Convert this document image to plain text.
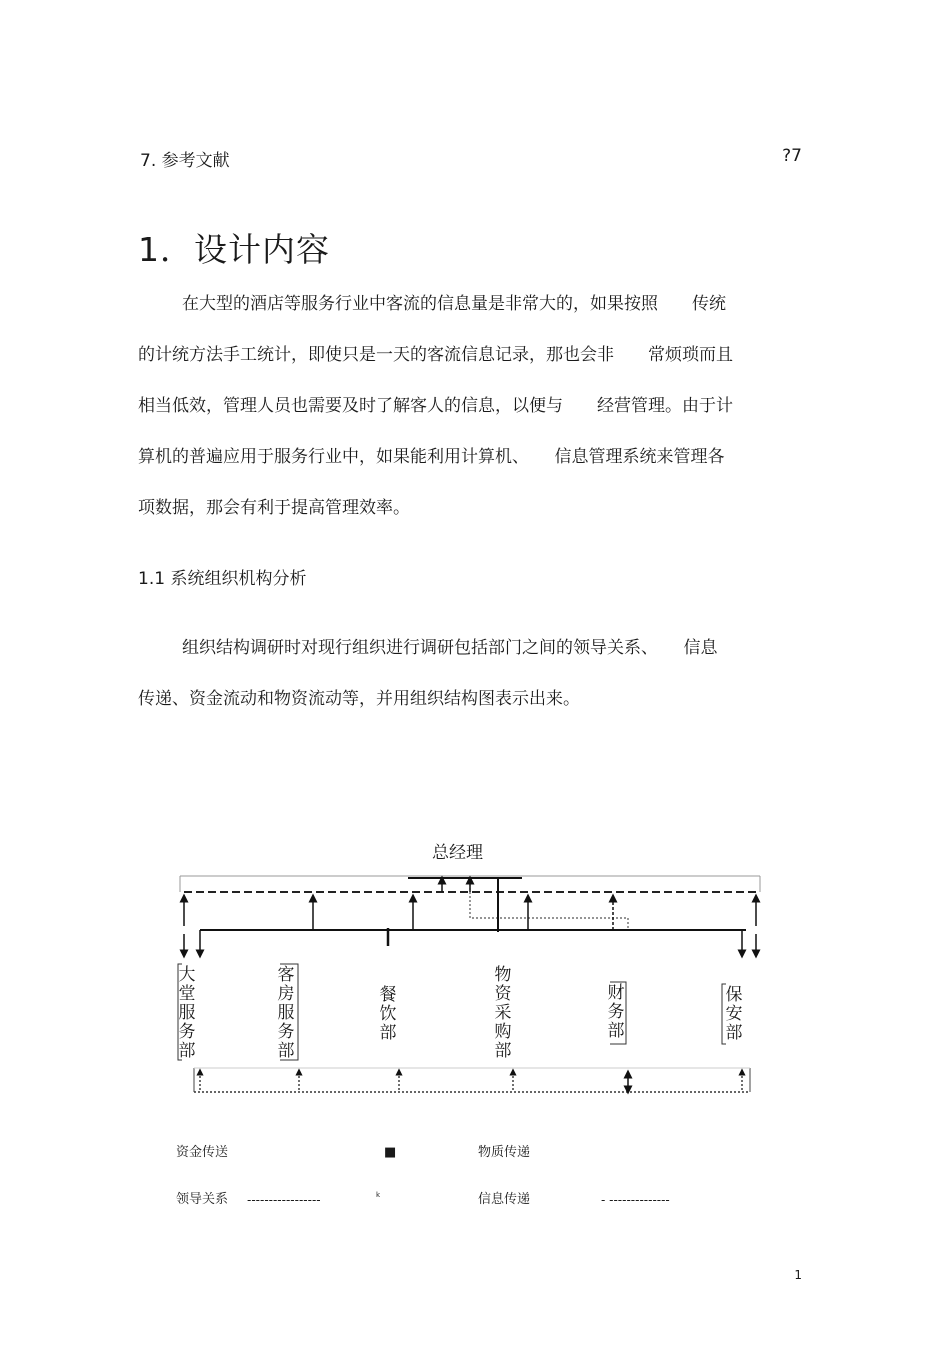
7. 参考文献	?7
1．设计内容

在大型的酒店等服务行业中客流的信息量是非常大的，如果按照　　传统

的计统方法手工统计，即使只是一天的客流信息记录，那也会非　　常烦琐而且

相当低效，管理人员也需要及时了解客人的信息，以便与　　经营管理。由于计

算机的普遍应用于服务行业中，如果能利用计算机、　　信息管理系统来管理各

项数据，那会有利于提高管理效率。

1.1 系统组织机构分析

组织结构调研时对现行组织进行调研包括部门之间的领导关系、　　信息

传递、资金流动和物资流动等，并用组织结构图表示出来。

总经理
大堂服务部
客房服务部
餐饮部
物资采购部
财务部
保安部
资金传送	■	物质传递
领导关系 -----------------	k	信息传递	- --------------
1
